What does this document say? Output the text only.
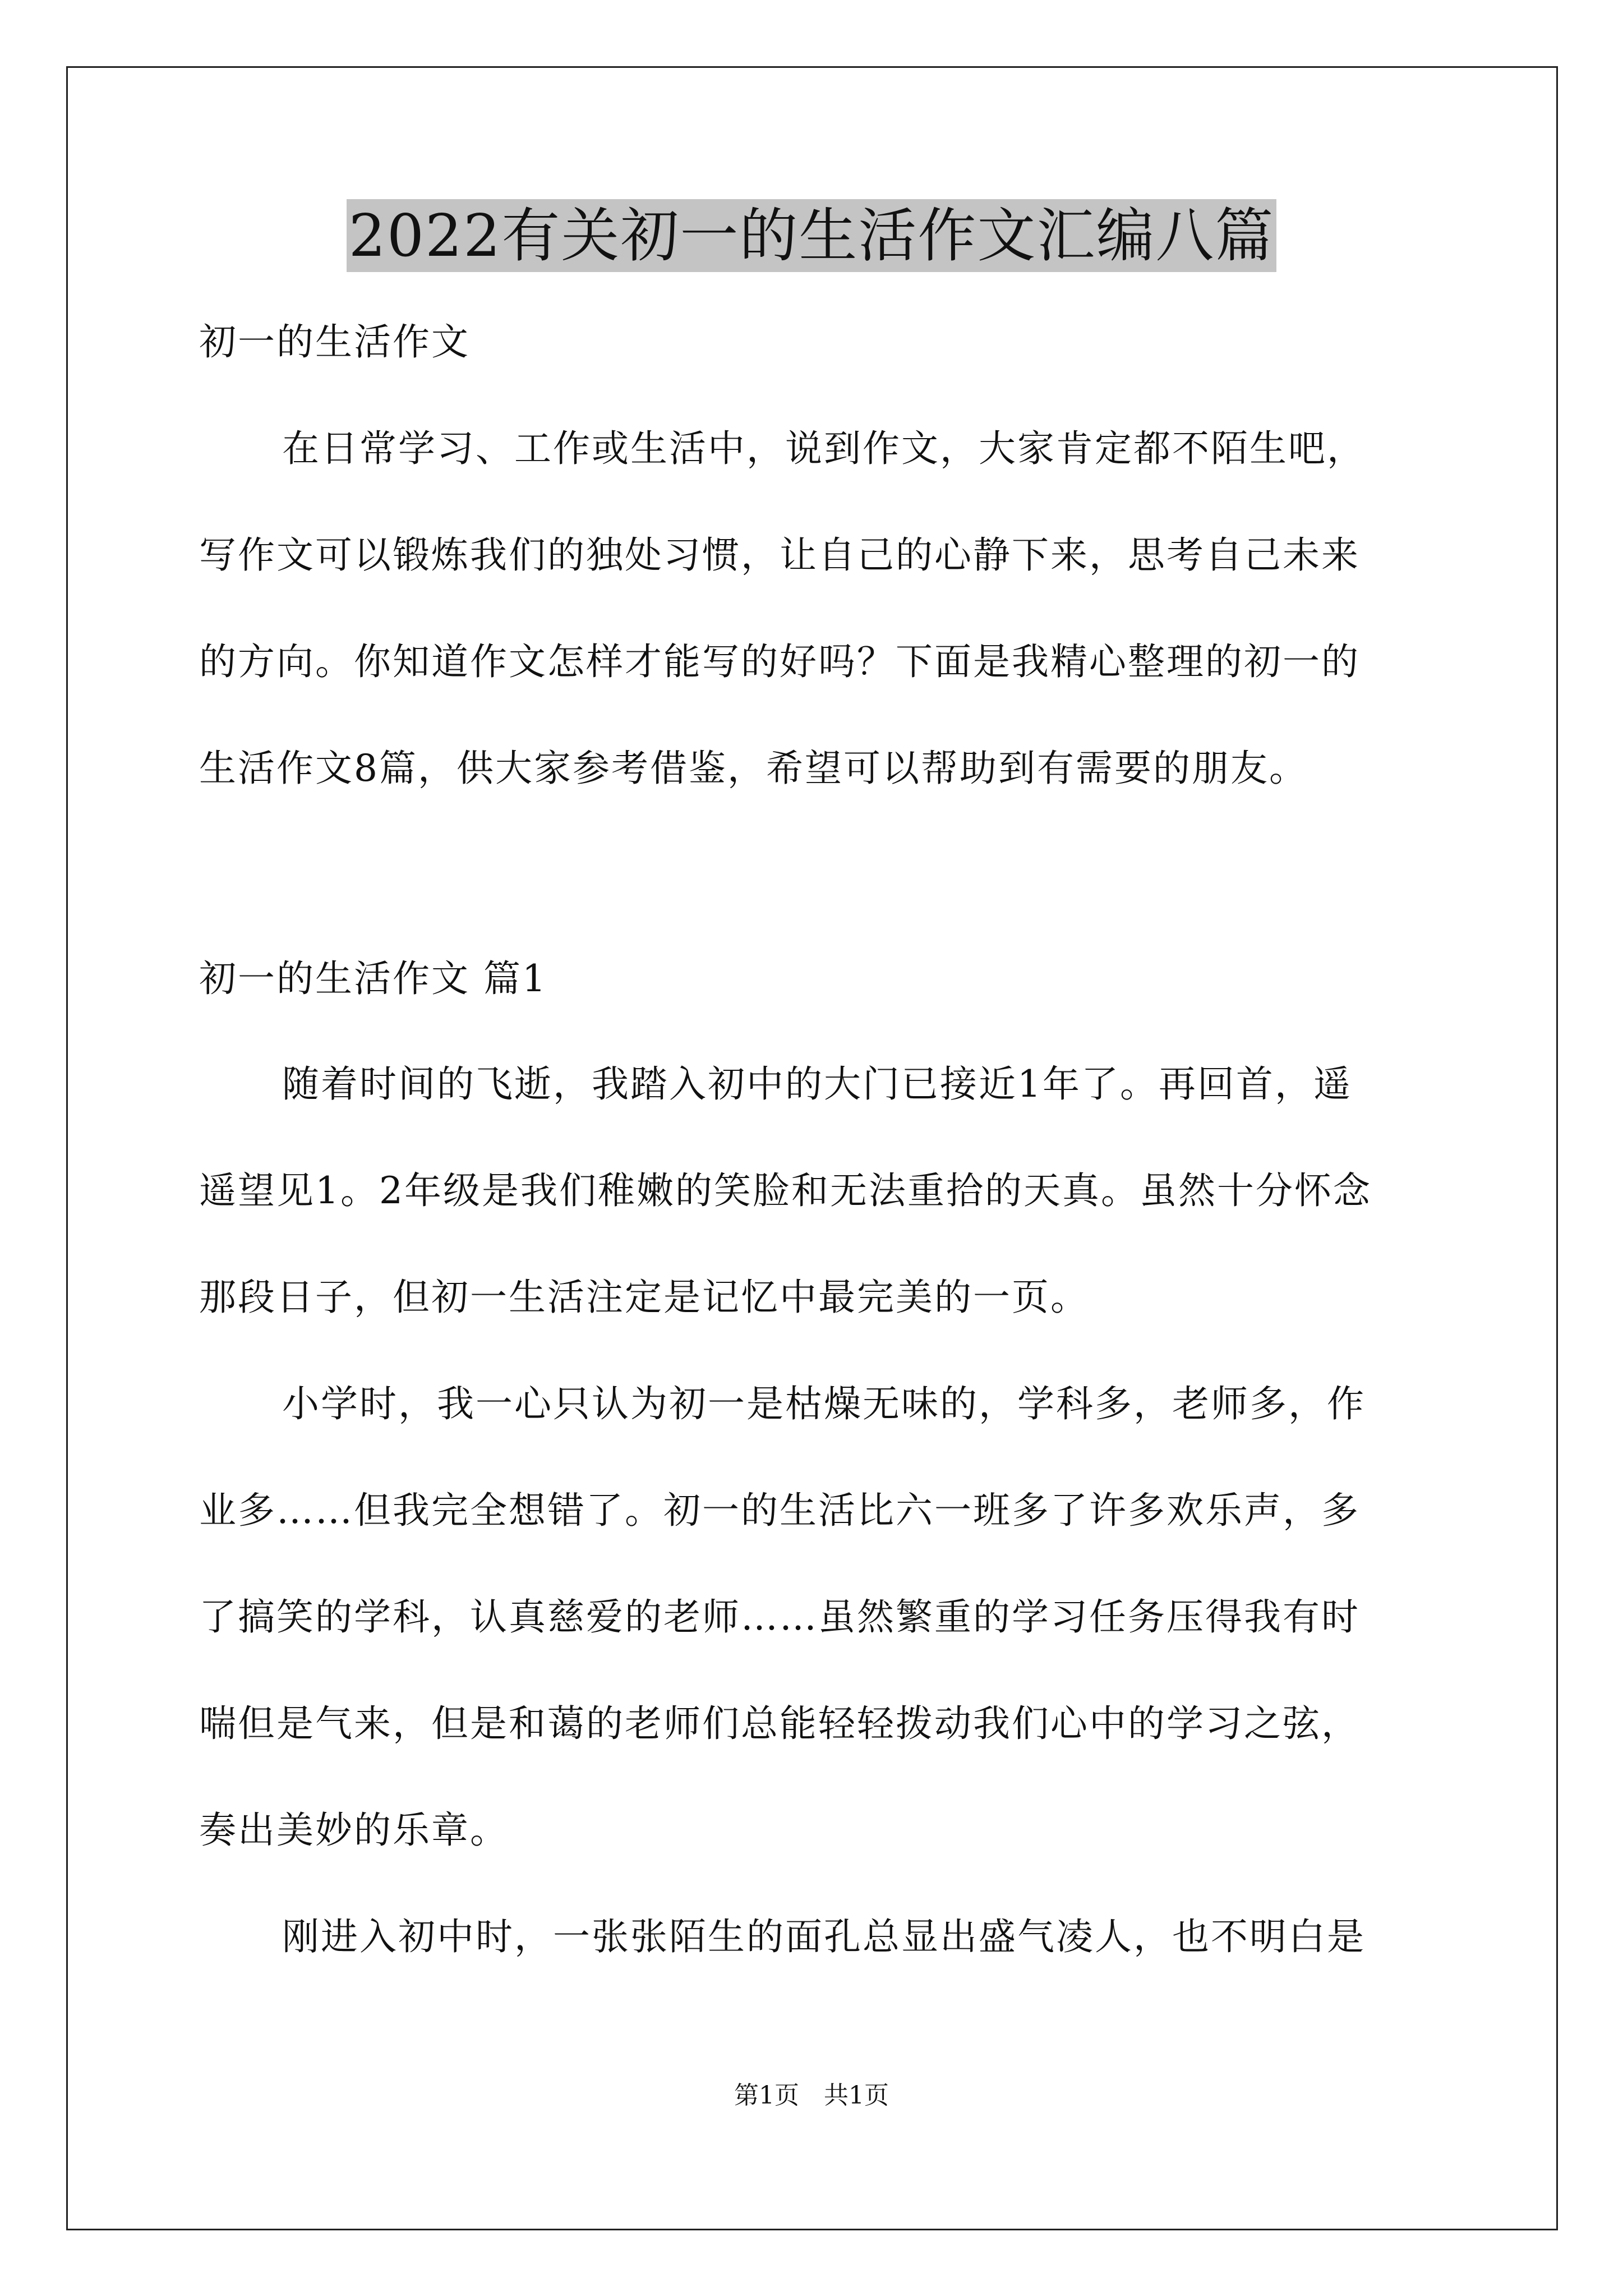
2022有关初一的生活作文汇编八篇
初一的生活作文
在日常学习、工作或生活中，说到作文，大家肯定都不陌生吧，
写作文可以锻炼我们的独处习惯，让自己的心静下来，思考自己未来
的方向。你知道作文怎样才能写的好吗？下面是我精心整理的初一的
生活作文8篇，供大家参考借鉴，希望可以帮助到有需要的朋友。
初一的生活作文 篇1
随着时间的飞逝，我踏入初中的大门已接近1年了。再回首，遥
遥望见1。2年级是我们稚嫩的笑脸和无法重拾的天真。虽然十分怀念
那段日子，但初一生活注定是记忆中最完美的一页。
小学时，我一心只认为初一是枯燥无味的，学科多，老师多，作
业多……但我完全想错了。初一的生活比六一班多了许多欢乐声，多
了搞笑的学科，认真慈爱的老师……虽然繁重的学习任务压得我有时
喘但是气来，但是和蔼的老师们总能轻轻拨动我们心中的学习之弦，
奏出美妙的乐章。
刚进入初中时，一张张陌生的面孔总显出盛气凌人，也不明白是
第1页　共1页
